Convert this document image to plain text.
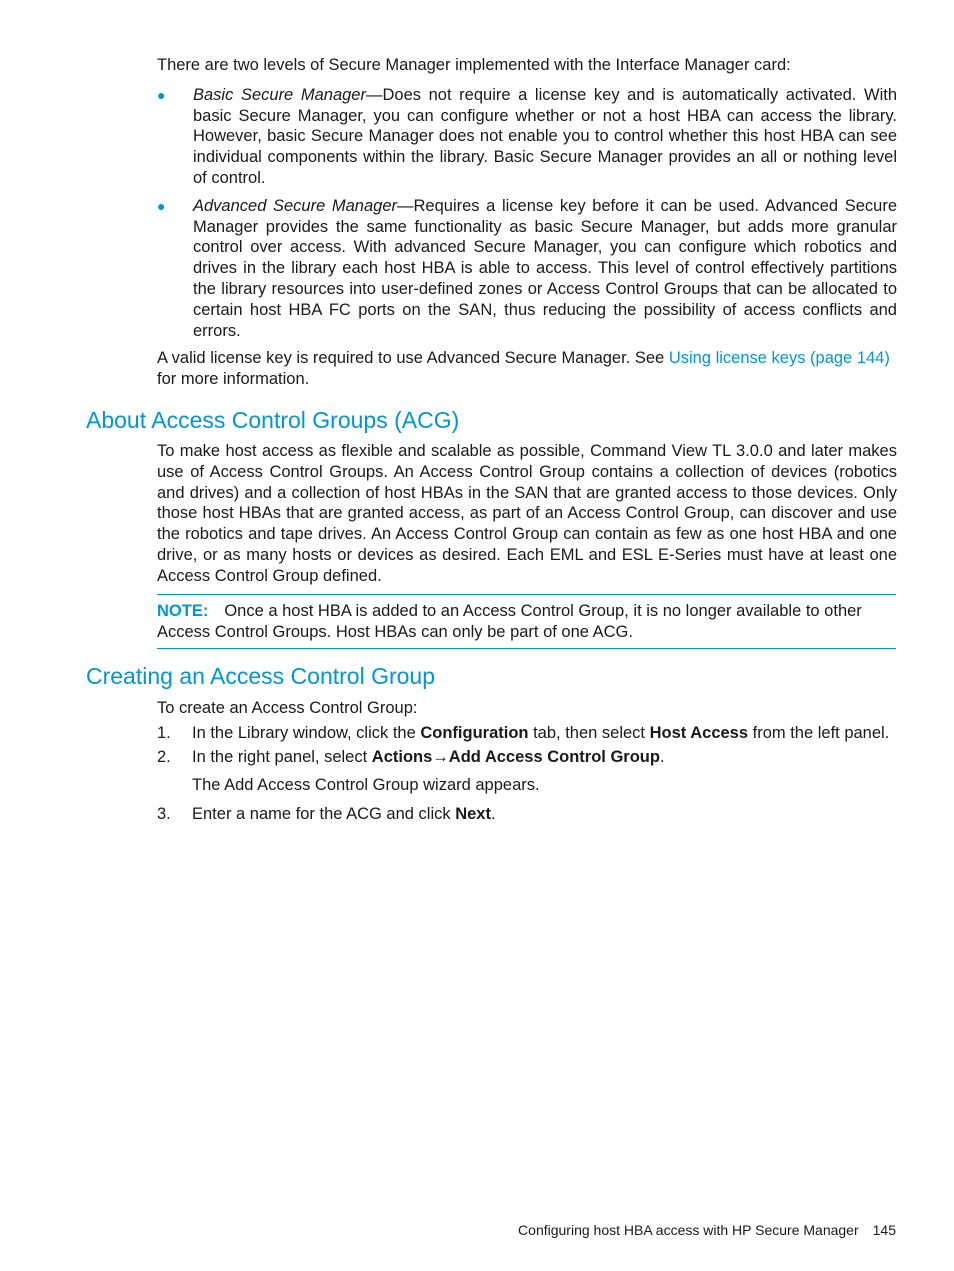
There are two levels of Secure Manager implemented with the Interface Manager card:

● Basic Secure Manager—Does not require a license key and is automatically activated. With basic Secure Manager, you can configure whether or not a host HBA can access the library. However, basic Secure Manager does not enable you to control whether this host HBA can see individual components within the library. Basic Secure Manager provides an all or nothing level of control.
● Advanced Secure Manager—Requires a license key before it can be used. Advanced Secure Manager provides the same functionality as basic Secure Manager, but adds more granular control over access. With advanced Secure Manager, you can configure which robotics and drives in the library each host HBA is able to access. This level of control effectively partitions the library resources into user-defined zones or Access Control Groups that can be allocated to certain host HBA FC ports on the SAN, thus reducing the possibility of access conflicts and errors.

A valid license key is required to use Advanced Secure Manager. See Using license keys (page 144) for more information.

About Access Control Groups (ACG)

To make host access as flexible and scalable as possible, Command View TL 3.0.0 and later makes use of Access Control Groups. An Access Control Group contains a collection of devices (robotics and drives) and a collection of host HBAs in the SAN that are granted access to those devices. Only those host HBAs that are granted access, as part of an Access Control Group, can discover and use the robotics and tape drives. An Access Control Group can contain as few as one host HBA and one drive, or as many hosts or devices as desired. Each EML and ESL E-Series must have at least one Access Control Group defined.

NOTE: Once a host HBA is added to an Access Control Group, it is no longer available to other Access Control Groups. Host HBAs can only be part of one ACG.
Creating an Access Control Group

To create an Access Control Group:

1. In the Library window, click the Configuration tab, then select Host Access from the left panel.
2. In the right panel, select Actions→Add Access Control Group.

The Add Access Control Group wizard appears.

3. Enter a name for the ACG and click Next.
Configuring host HBA access with HP Secure Manager 145
